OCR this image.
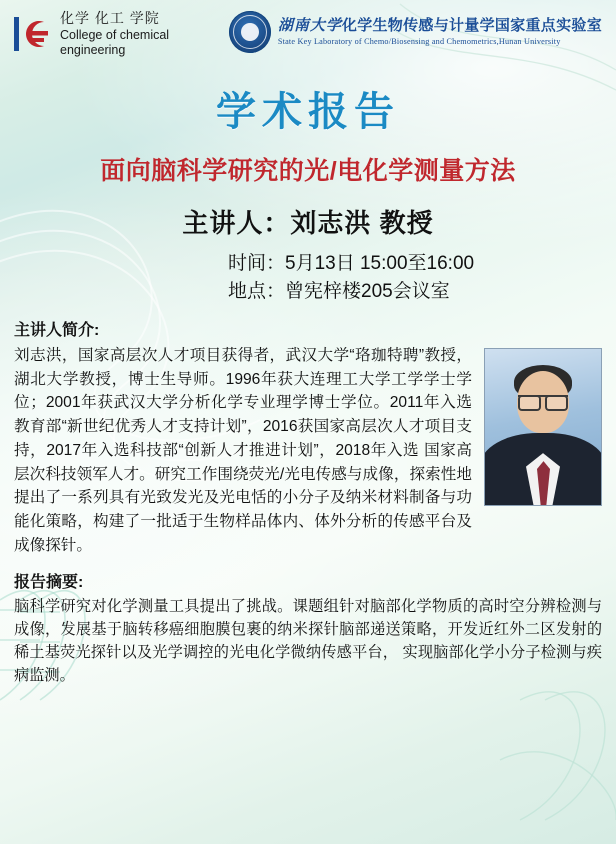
化学 化工 学院
College of chemical engineering
湖南大学化学生物传感与计量学国家重点实验室
State Key Laboratory of Chemo/Biosensing and Chemometrics,Hunan University
学术报告
面向脑科学研究的光/电化学测量方法
主讲人：刘志洪 教授
时间：5月13日 15:00至16:00
地点：曾宪梓楼205会议室
主讲人简介:
刘志洪，国家高层次人才项目获得者，武汉大学“珞珈特聘”教授，湖北大学教授，博士生导师。1996年获大连理工大学工学学士学位；2001年获武汉大学分析化学专业理学博士学位。2011年入选教育部“新世纪优秀人才支持计划”，2016获国家高层次人才项目支持，2017年入选科技部“创新人才推进计划”，2018年入选 国家高层次科技领军人才。研究工作围绕荧光/光电传感与成像，探索性地提出了一系列具有光致发光及光电恬的小分子及纳米材料制备与功能化策略，构建了一批适于生物样品体内、体外分析的传感平台及成像探针。
报告摘要:
脑科学研究对化学测量工具提出了挑战。课题组针对脑部化学物质的高时空分辨检测与成像，发展基于脑转移癌细胞膜包裹的纳米探针脑部递送策略，开发近红外二区发射的稀土基荧光探针以及光学调控的光电化学微纳传感平台， 实现脑部化学小分子检测与疾病监测。
